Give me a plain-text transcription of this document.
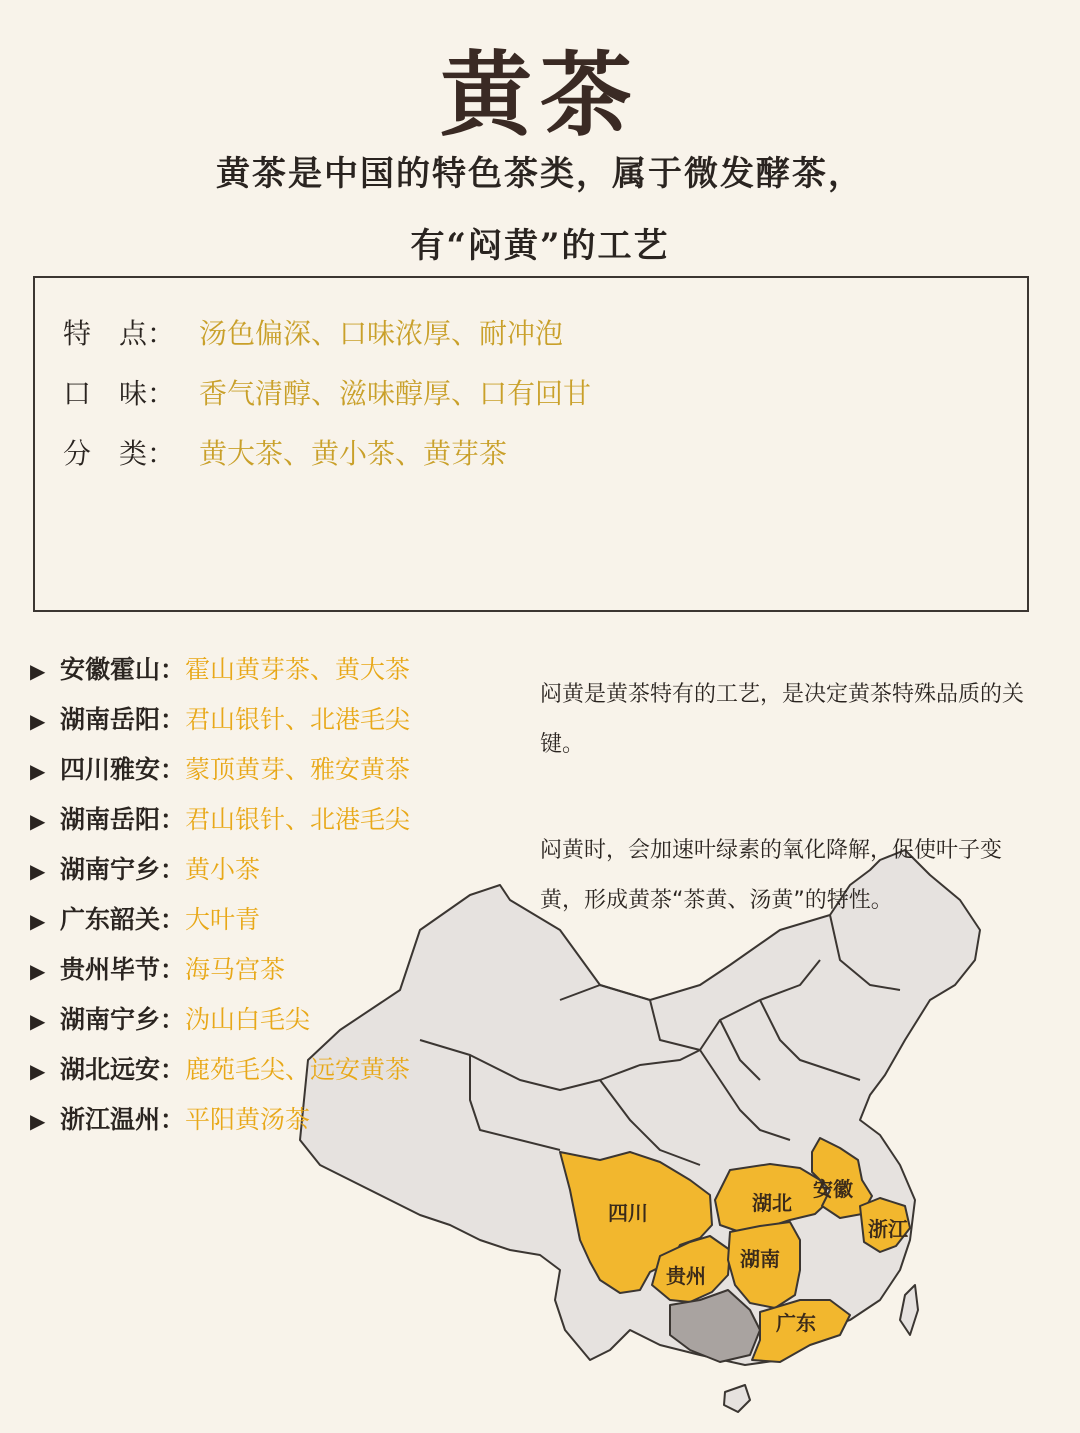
黄茶
黄茶是中国的特色茶类，属于微发酵茶，
有“闷黄”的工艺
特　点： 汤色偏深、口味浓厚、耐冲泡
口　味： 香气清醇、滋味醇厚、口有回甘
分　类： 黄大茶、黄小茶、黄芽茶
四川	湖北
安徽
浙江
贵州
湖南
广东
闷黄是黄茶特有的工艺，是决定黄茶特殊品质的关键。
闷黄时，会加速叶绿素的氧化降解，促使叶子变黄，形成黄茶“茶黄、汤黄”的特性。
▶ 安徽霍山：霍山黄芽茶、黄大茶
▶ 湖南岳阳：君山银针、北港毛尖
▶ 四川雅安：蒙顶黄芽、雅安黄茶
▶ 湖南岳阳：君山银针、北港毛尖
▶ 湖南宁乡：黄小茶
▶ 广东韶关：大叶青
▶ 贵州毕节：海马宫茶
▶ 湖南宁乡：沩山白毛尖
▶ 湖北远安：鹿苑毛尖、远安黄茶
▶ 浙江温州：平阳黄汤茶
